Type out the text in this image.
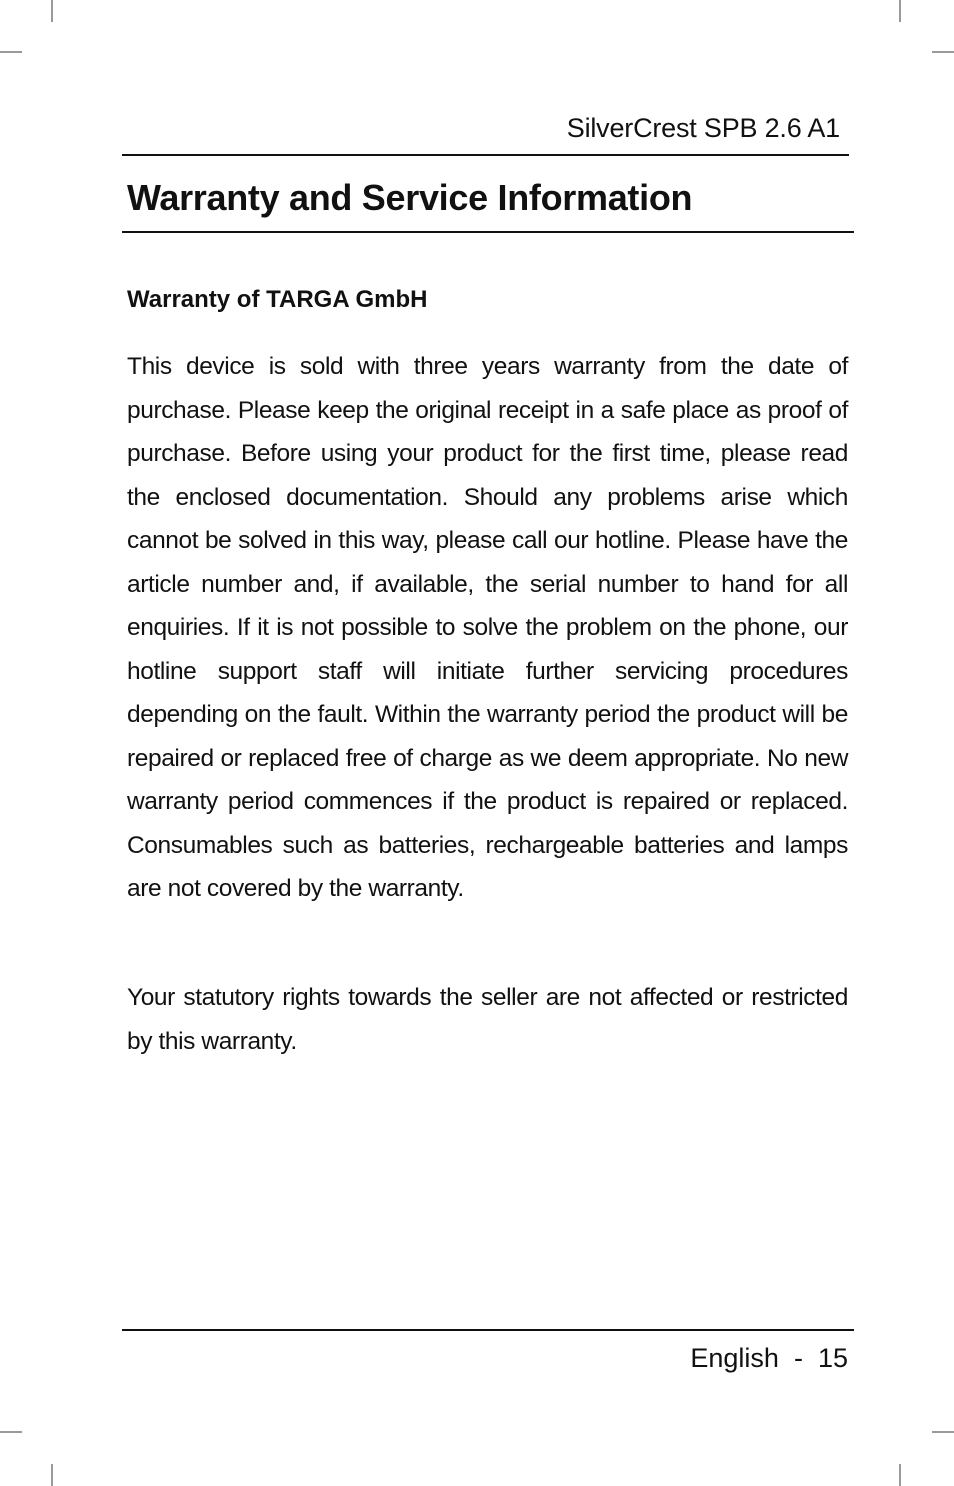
SilverCrest SPB 2.6 A1
Warranty and Service Information
Warranty of TARGA GmbH

This device is sold with three years warranty from the date of purchase. Please keep the original receipt in a safe place as proof of purchase. Before using your product for the first time, please read the enclosed documentation. Should any problems arise which cannot be solved in this way, please call our hotline. Please have the article number and, if available, the serial number to hand for all enquiries. If it is not possible to solve the problem on the phone, our hotline support staff will initiate further servicing procedures depending on the fault. Within the warranty period the product will be repaired or replaced free of charge as we deem appropriate. No new warranty period commences if the product is repaired or replaced. Consumables such as batteries, rechargeable batteries and lamps are not covered by the warranty.

Your statutory rights towards the seller are not affected or restricted by this warranty.

English - 15
